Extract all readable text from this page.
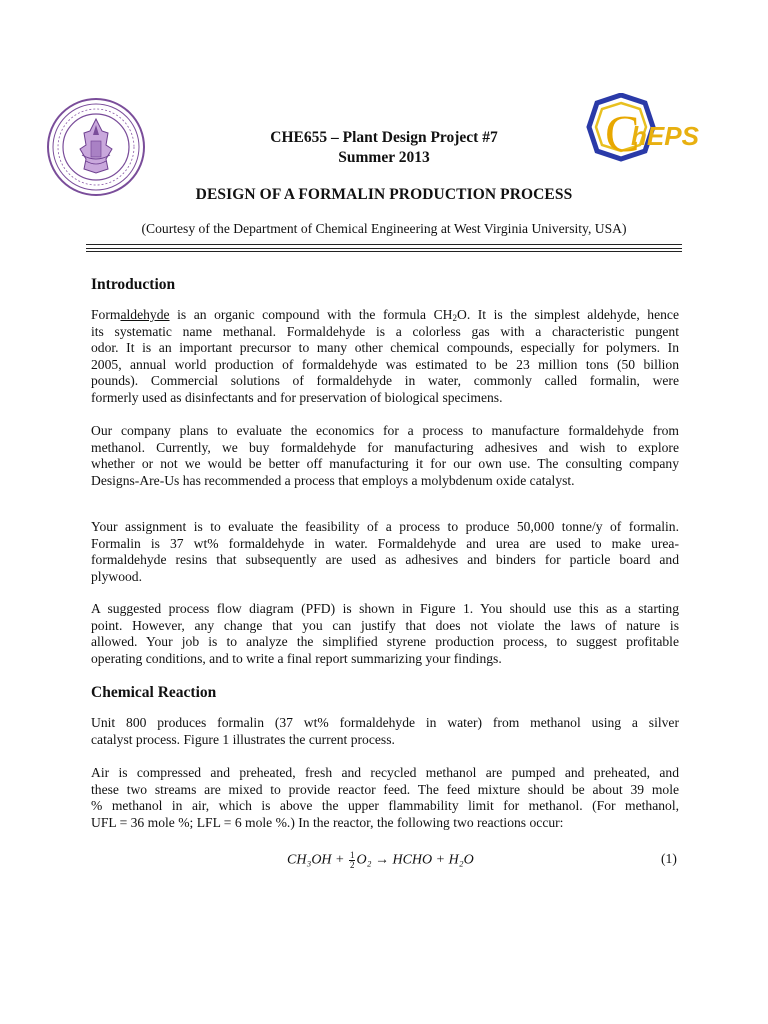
C
hEPS
CHE655 – Plant Design Project #7
Summer 2013
DESIGN OF A FORMALIN PRODUCTION PROCESS
(Courtesy of the Department of Chemical Engineering at West Virginia University, USA)
Introduction
Formaldehyde is an organic compound with the formula $CH_2O$. It is the simplest aldehyde, hence
its systematic name methanal. Formaldehyde is a colorless gas with a characteristic pungent
odor. It is an important precursor to many other chemical compounds, especially for polymers. In
2005, annual world production of formaldehyde was estimated to be 23 million tons (50 billion
pounds). Commercial solutions of formaldehyde in water, commonly called formalin, were
formerly used as disinfectants and for preservation of biological specimens.
Our company plans to evaluate the economics for a process to manufacture formaldehyde from
methanol. Currently, we buy formaldehyde for manufacturing adhesives and wish to explore
whether or not we would be better off manufacturing it for our own use. The consulting company
Designs-Are-Us has recommended a process that employs a molybdenum oxide catalyst.
Your assignment is to evaluate the feasibility of a process to produce 50,000 tonne/y of formalin.
Formalin is 37 wt% formaldehyde in water. Formaldehyde and urea are used to make urea-
formaldehyde resins that subsequently are used as adhesives and binders for particle board and
plywood.
A suggested process flow diagram (PFD) is shown in Figure 1. You should use this as a starting
point. However, any change that you can justify that does not violate the laws of nature is
allowed. Your job is to analyze the simplified styrene production process, to suggest profitable
operating conditions, and to write a final report summarizing your findings.
Chemical Reaction
Unit 800 produces formalin (37 wt% formaldehyde in water) from methanol using a silver
catalyst process. Figure 1 illustrates the current process.
Air is compressed and preheated, fresh and recycled methanol are pumped and preheated, and
these two streams are mixed to provide reactor feed. The feed mixture should be about 39 mole
% methanol in air, which is above the upper flammability limit for methanol. (For methanol,
UFL = 36 mole %; LFL = 6 mole %.) In the reactor, the following two reactions occur:
$CH_3OH + \frac{1}{2} O_2$ → HCHO + H₂O	(1)
